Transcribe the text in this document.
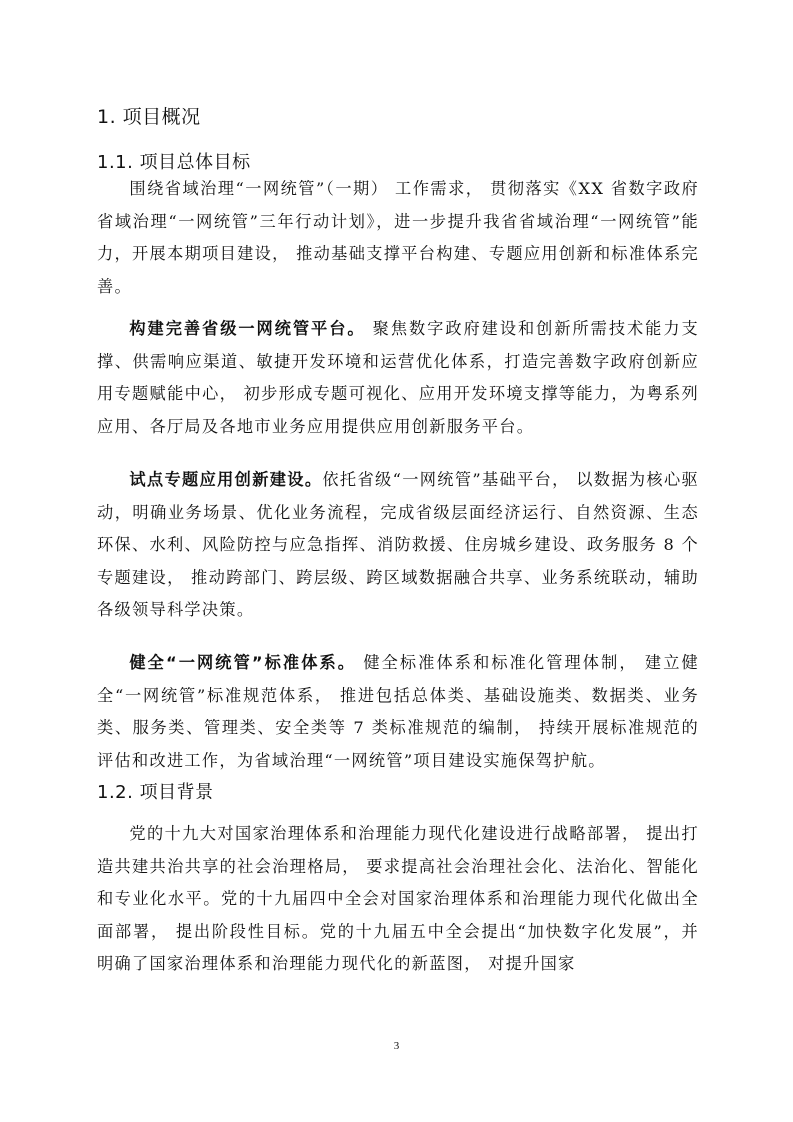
1. 项目概况
1.1. 项目总体目标

围绕省域治理“一网统管”（一期） 工作需求， 贯彻落实《XX 省数字政府省域治理“一网统管”三年行动计划》，进一步提升我省省域治理“一网统管”能力，开展本期项目建设， 推动基础支撑平台构建、专题应用创新和标准体系完善。

构建完善省级一网统管平台。 聚焦数字政府建设和创新所需技术能力支撑、供需响应渠道、敏捷开发环境和运营优化体系，打造完善数字政府创新应用专题赋能中心， 初步形成专题可视化、应用开发环境支撑等能力，为粤系列应用、各厅局及各地市业务应用提供应用创新服务平台。

试点专题应用创新建设。依托省级“一网统管”基础平台， 以数据为核心驱动，明确业务场景、优化业务流程，完成省级层面经济运行、自然资源、生态环保、水利、风险防控与应急指挥、消防救援、住房城乡建设、政务服务 8 个专题建设， 推动跨部门、跨层级、跨区域数据融合共享、业务系统联动，辅助各级领导科学决策。

健全“一网统管”标准体系。 健全标准体系和标准化管理体制， 建立健全“一网统管”标准规范体系， 推进包括总体类、基础设施类、数据类、业务类、服务类、管理类、安全类等 7 类标准规范的编制， 持续开展标准规范的评估和改进工作，为省域治理“一网统管”项目建设实施保驾护航。

1.2. 项目背景

党的十九大对国家治理体系和治理能力现代化建设进行战略部署， 提出打造共建共治共享的社会治理格局， 要求提高社会治理社会化、法治化、智能化和专业化水平。党的十九届四中全会对国家治理体系和治理能力现代化做出全面部署， 提出阶段性目标。党的十九届五中全会提出“加快数字化发展”，并明确了国家治理体系和治理能力现代化的新蓝图， 对提升国家

3
